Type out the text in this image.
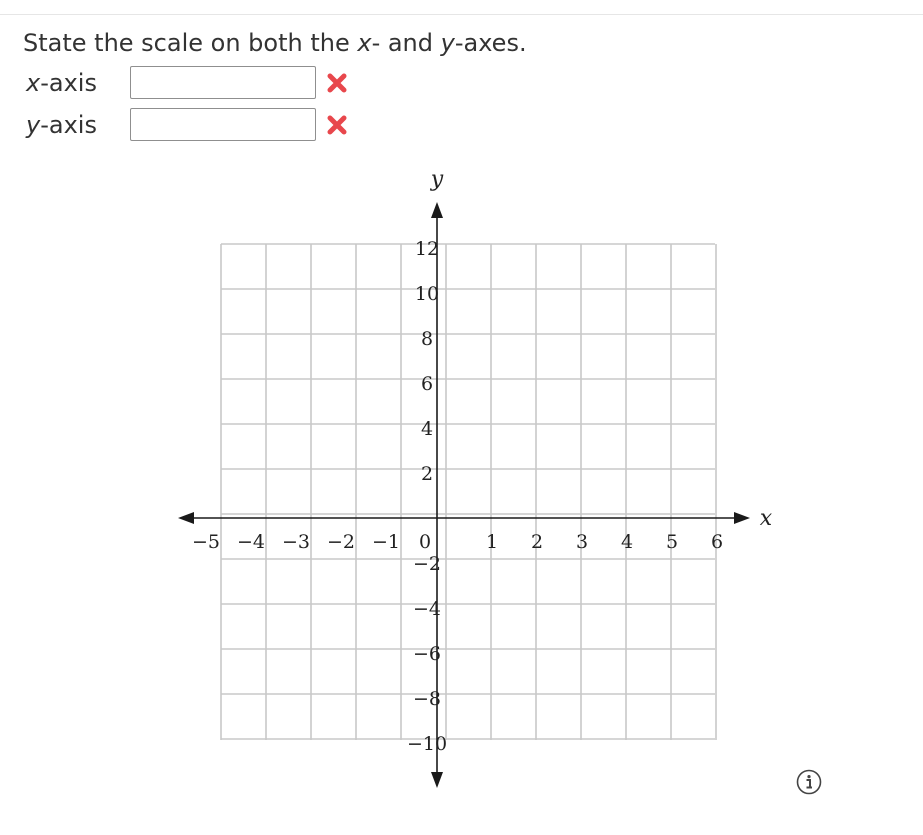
State the scale on both the x- and y-axes.
x-axis
y-axis
x
y
−5 −4 −3 −2 −1 0	1 2 3 4 5 6
12
10
8
6
4
2
−2
−4
−6
−8
−10
